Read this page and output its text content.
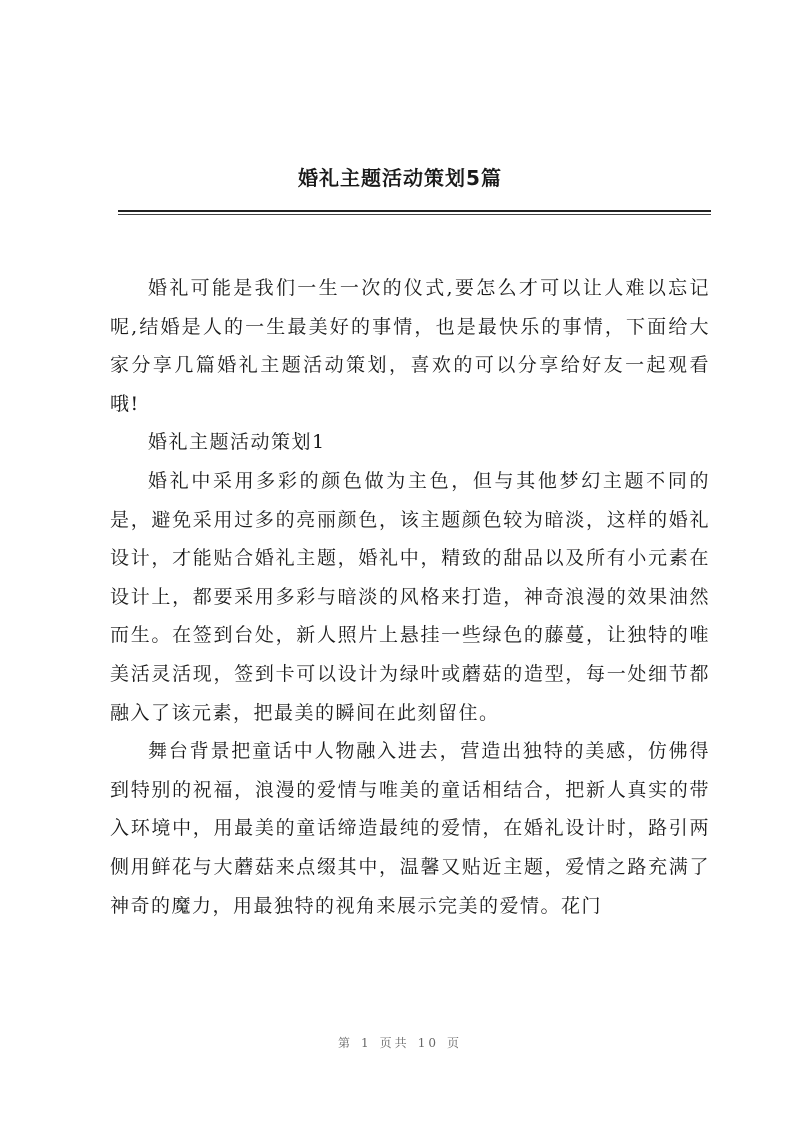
婚礼主题活动策划5篇

婚礼可能是我们一生一次的仪式,要怎么才可以让人难以忘记呢,结婚是人的一生最美好的事情，也是最快乐的事情，下面给大家分享几篇婚礼主题活动策划，喜欢的可以分享给好友一起观看哦!

婚礼主题活动策划1

婚礼中采用多彩的颜色做为主色，但与其他梦幻主题不同的是，避免采用过多的亮丽颜色，该主题颜色较为暗淡，这样的婚礼设计，才能贴合婚礼主题，婚礼中，精致的甜品以及所有小元素在设计上，都要采用多彩与暗淡的风格来打造，神奇浪漫的效果油然而生。在签到台处，新人照片上悬挂一些绿色的藤蔓，让独特的唯美活灵活现，签到卡可以设计为绿叶或蘑菇的造型，每一处细节都融入了该元素，把最美的瞬间在此刻留住。

舞台背景把童话中人物融入进去，营造出独特的美感，仿佛得到特别的祝福，浪漫的爱情与唯美的童话相结合，把新人真实的带入环境中，用最美的童话缔造最纯的爱情，在婚礼设计时，路引两侧用鲜花与大蘑菇来点缀其中，温馨又贴近主题，爱情之路充满了神奇的魔力，用最独特的视角来展示完美的爱情。花门

第 1 页共 10 页
